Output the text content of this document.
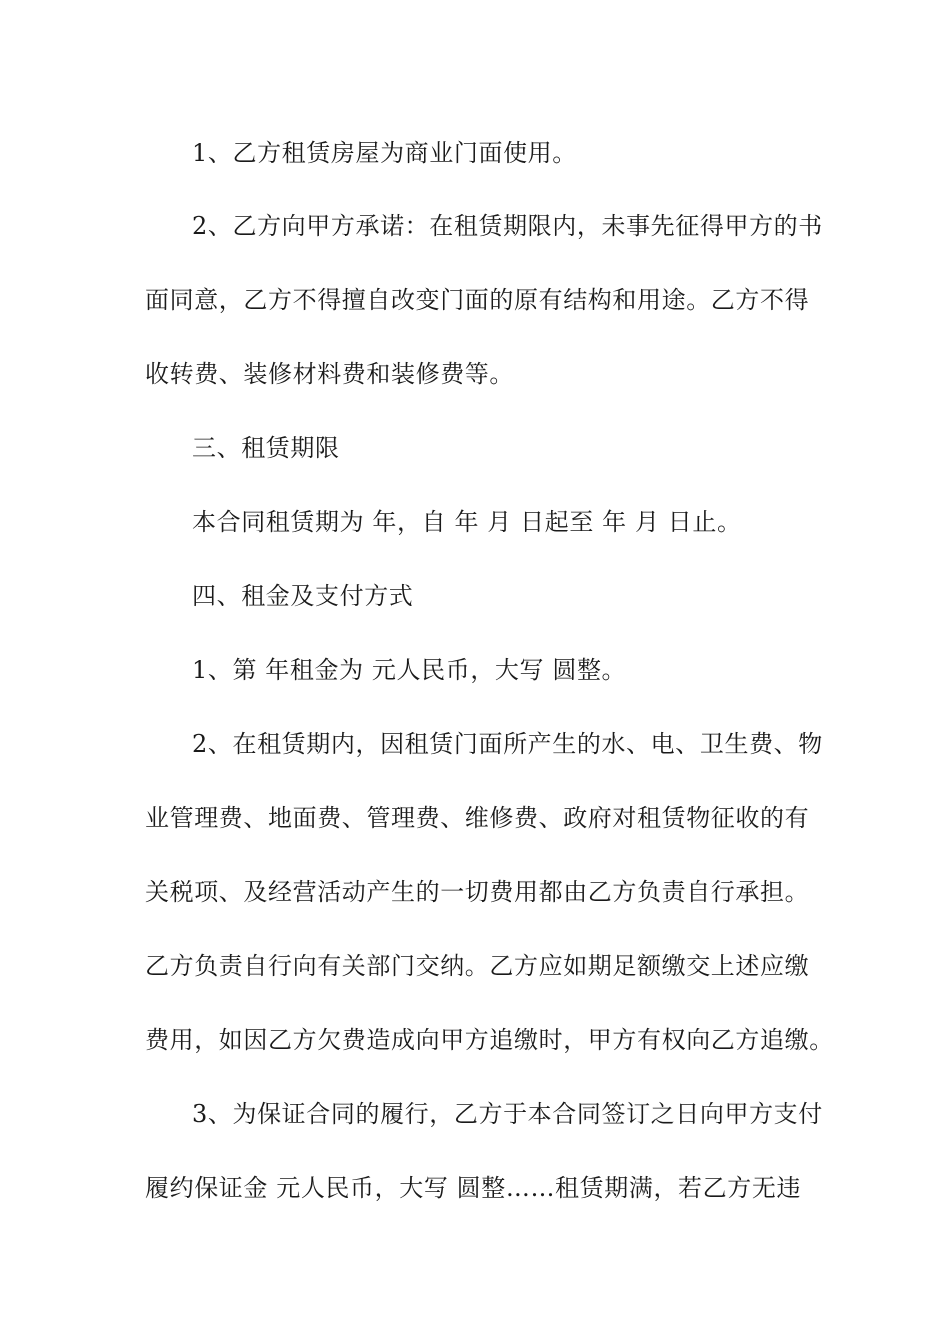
1、乙方租赁房屋为商业门面使用。
2、乙方向甲方承诺：在租赁期限内，未事先征得甲方的书
面同意，乙方不得擅自改变门面的原有结构和用途。乙方不得
收转费、装修材料费和装修费等。
三、租赁期限
本合同租赁期为 年，自 年 月 日起至 年 月 日止。
四、租金及支付方式
1、第 年租金为 元人民币，大写 圆整。
2、在租赁期内，因租赁门面所产生的水、电、卫生费、物
业管理费、地面费、管理费、维修费、政府对租赁物征收的有
关税项、及经营活动产生的一切费用都由乙方负责自行承担。
乙方负责自行向有关部门交纳。乙方应如期足额缴交上述应缴
费用，如因乙方欠费造成向甲方追缴时，甲方有权向乙方追缴。
3、为保证合同的履行，乙方于本合同签订之日向甲方支付
履约保证金 元人民币，大写 圆整……租赁期满，若乙方无违
